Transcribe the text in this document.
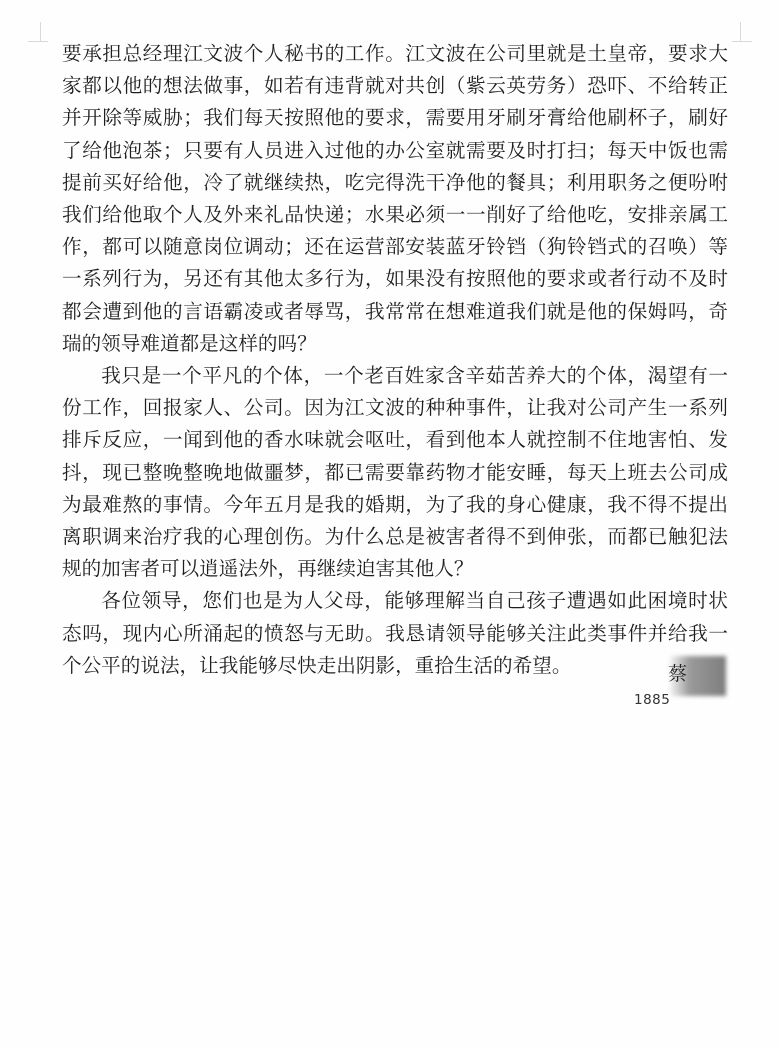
要承担总经理江文波个人秘书的工作。江文波在公司里就是土皇帝，要求大家都以他的想法做事，如若有违背就对共创（紫云英劳务）恐吓、不给转正并开除等威胁；我们每天按照他的要求，需要用牙刷牙膏给他刷杯子，刷好了给他泡茶；只要有人员进入过他的办公室就需要及时打扫；每天中饭也需提前买好给他，冷了就继续热，吃完得洗干净他的餐具；利用职务之便吩咐我们给他取个人及外来礼品快递；水果必须一一削好了给他吃，安排亲属工作，都可以随意岗位调动；还在运营部安装蓝牙铃铛（狗铃铛式的召唤）等一系列行为，另还有其他太多行为，如果没有按照他的要求或者行动不及时都会遭到他的言语霸凌或者辱骂，我常常在想难道我们就是他的保姆吗，奇瑞的领导难道都是这样的吗？

我只是一个平凡的个体，一个老百姓家含辛茹苦养大的个体，渴望有一份工作，回报家人、公司。因为江文波的种种事件，让我对公司产生一系列排斥反应，一闻到他的香水味就会呕吐，看到他本人就控制不住地害怕、发抖，现已整晚整晚地做噩梦，都已需要靠药物才能安睡，每天上班去公司成为最难熬的事情。今年五月是我的婚期，为了我的身心健康，我不得不提出离职调来治疗我的心理创伤。为什么总是被害者得不到伸张，而都已触犯法规的加害者可以逍遥法外，再继续迫害其他人？

各位领导，您们也是为人父母，能够理解当自己孩子遭遇如此困境时状态吗，现内心所涌起的愤怒与无助。我恳请领导能够关注此类事件并给我一个公平的说法，让我能够尽快走出阴影，重拾生活的希望。	蔡
1885
